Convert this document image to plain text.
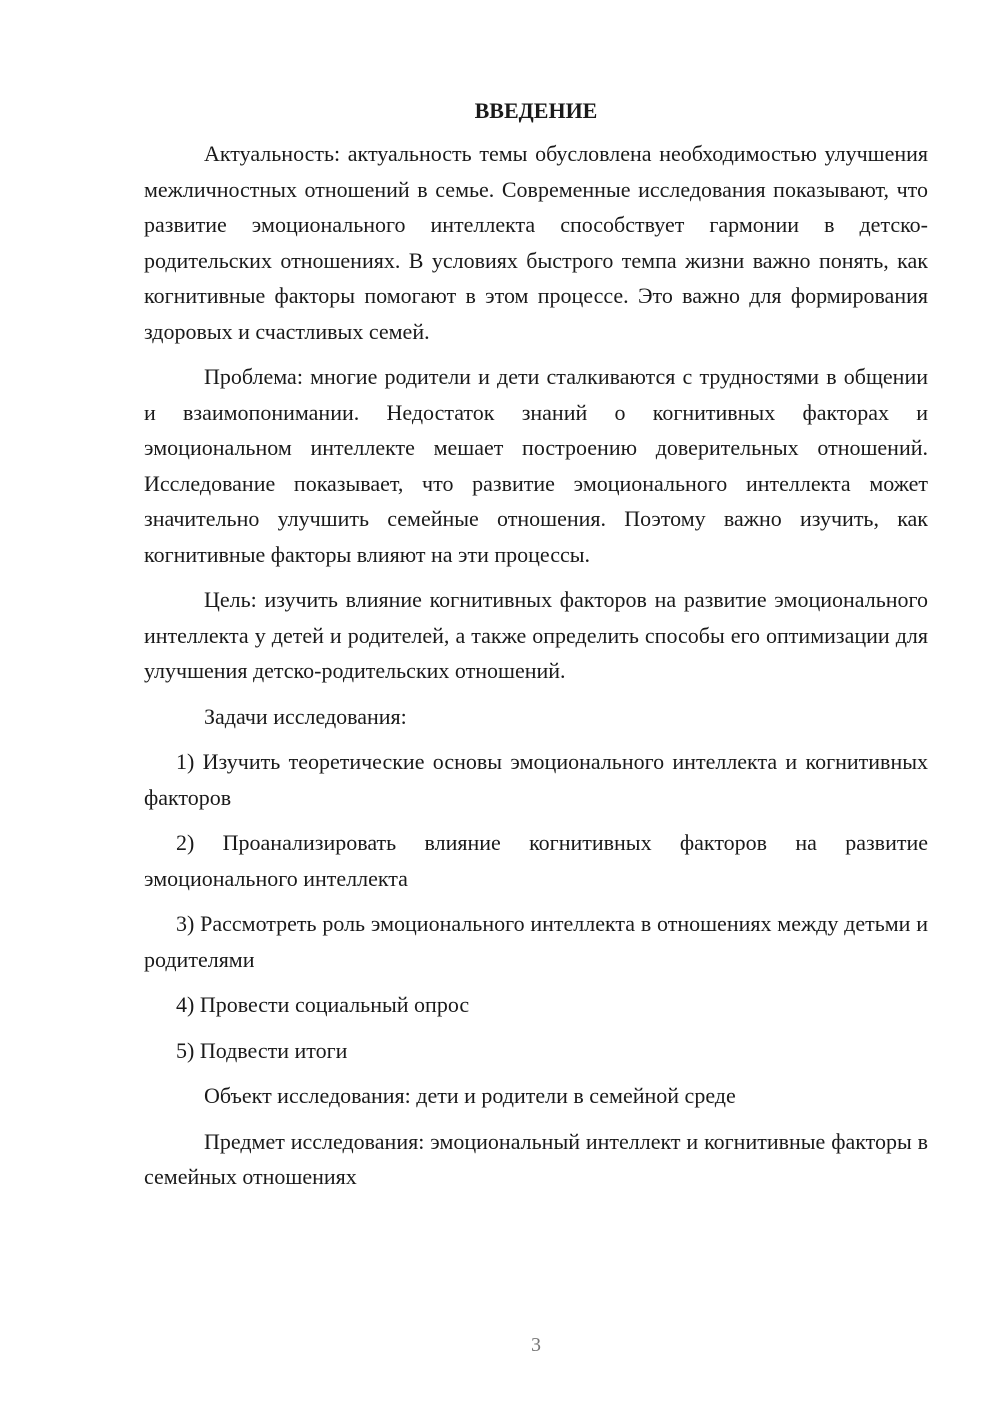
ВВЕДЕНИЕ

Актуальность: актуальность темы обусловлена необходимостью улучшения межличностных отношений в семье. Современные исследования показывают, что развитие эмоционального интеллекта способствует гармонии в детско-родительских отношениях. В условиях быстрого темпа жизни важно понять, как когнитивные факторы помогают в этом процессе. Это важно для формирования здоровых и счастливых семей.

Проблема: многие родители и дети сталкиваются с трудностями в общении и взаимопонимании. Недостаток знаний о когнитивных факторах и эмоциональном интеллекте мешает построению доверительных отношений. Исследование показывает, что развитие эмоционального интеллекта может значительно улучшить семейные отношения. Поэтому важно изучить, как когнитивные факторы влияют на эти процессы.

Цель: изучить влияние когнитивных факторов на развитие эмоционального интеллекта у детей и родителей, а также определить способы его оптимизации для улучшения детско-родительских отношений.

Задачи исследования:

1) Изучить теоретические основы эмоционального интеллекта и когнитивных факторов

2) Проанализировать влияние когнитивных факторов на развитие эмоционального интеллекта

3) Рассмотреть роль эмоционального интеллекта в отношениях между детьми и родителями

4) Провести социальный опрос

5) Подвести итоги

Объект исследования: дети и родители в семейной среде

Предмет исследования: эмоциональный интеллект и когнитивные факторы в семейных отношениях

3
